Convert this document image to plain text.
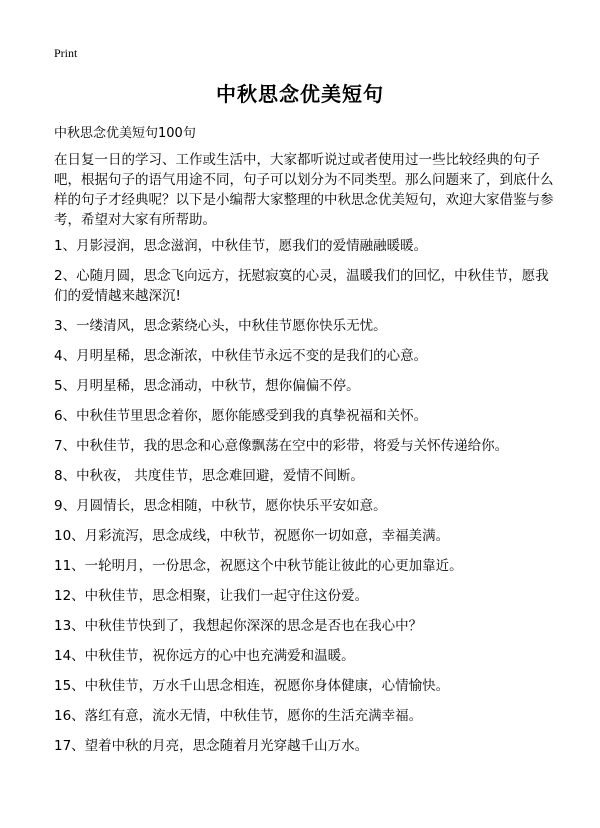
Print
中秋思念优美短句

中秋思念优美短句100句

在日复一日的学习、工作或生活中，大家都听说过或者使用过一些比较经典的句子吧，根据句子的语气用途不同，句子可以划分为不同类型。那么问题来了，到底什么样的句子才经典呢？以下是小编帮大家整理的中秋思念优美短句，欢迎大家借鉴与参考，希望对大家有所帮助。

1、月影浸润，思念滋润，中秋佳节，愿我们的爱情融融暖暖。
2、心随月圆，思念飞向远方，抚慰寂寞的心灵，温暖我们的回忆，中秋佳节，愿我们的爱情越来越深沉!
3、一缕清风，思念萦绕心头，中秋佳节愿你快乐无忧。
4、月明星稀，思念渐浓，中秋佳节永远不变的是我们的心意。
5、月明星稀，思念涌动，中秋节，想你偏偏不停。
6、中秋佳节里思念着你，愿你能感受到我的真挚祝福和关怀。
7、中秋佳节，我的思念和心意像飘荡在空中的彩带，将爱与关怀传递给你。
8、中秋夜， 共度佳节，思念难回避，爱情不间断。
9、月圆情长，思念相随，中秋节，愿你快乐平安如意。
10、月彩流泻，思念成线，中秋节，祝愿你一切如意，幸福美满。
11、一轮明月，一份思念，祝愿这个中秋节能让彼此的心更加靠近。
12、中秋佳节，思念相聚，让我们一起守住这份爱。
13、中秋佳节快到了，我想起你深深的思念是否也在我心中？
14、中秋佳节，祝你远方的心中也充满爱和温暖。
15、中秋佳节，万水千山思念相连，祝愿你身体健康，心情愉快。
16、落红有意，流水无情，中秋佳节，愿你的生活充满幸福。
17、望着中秋的月亮，思念随着月光穿越千山万水。
